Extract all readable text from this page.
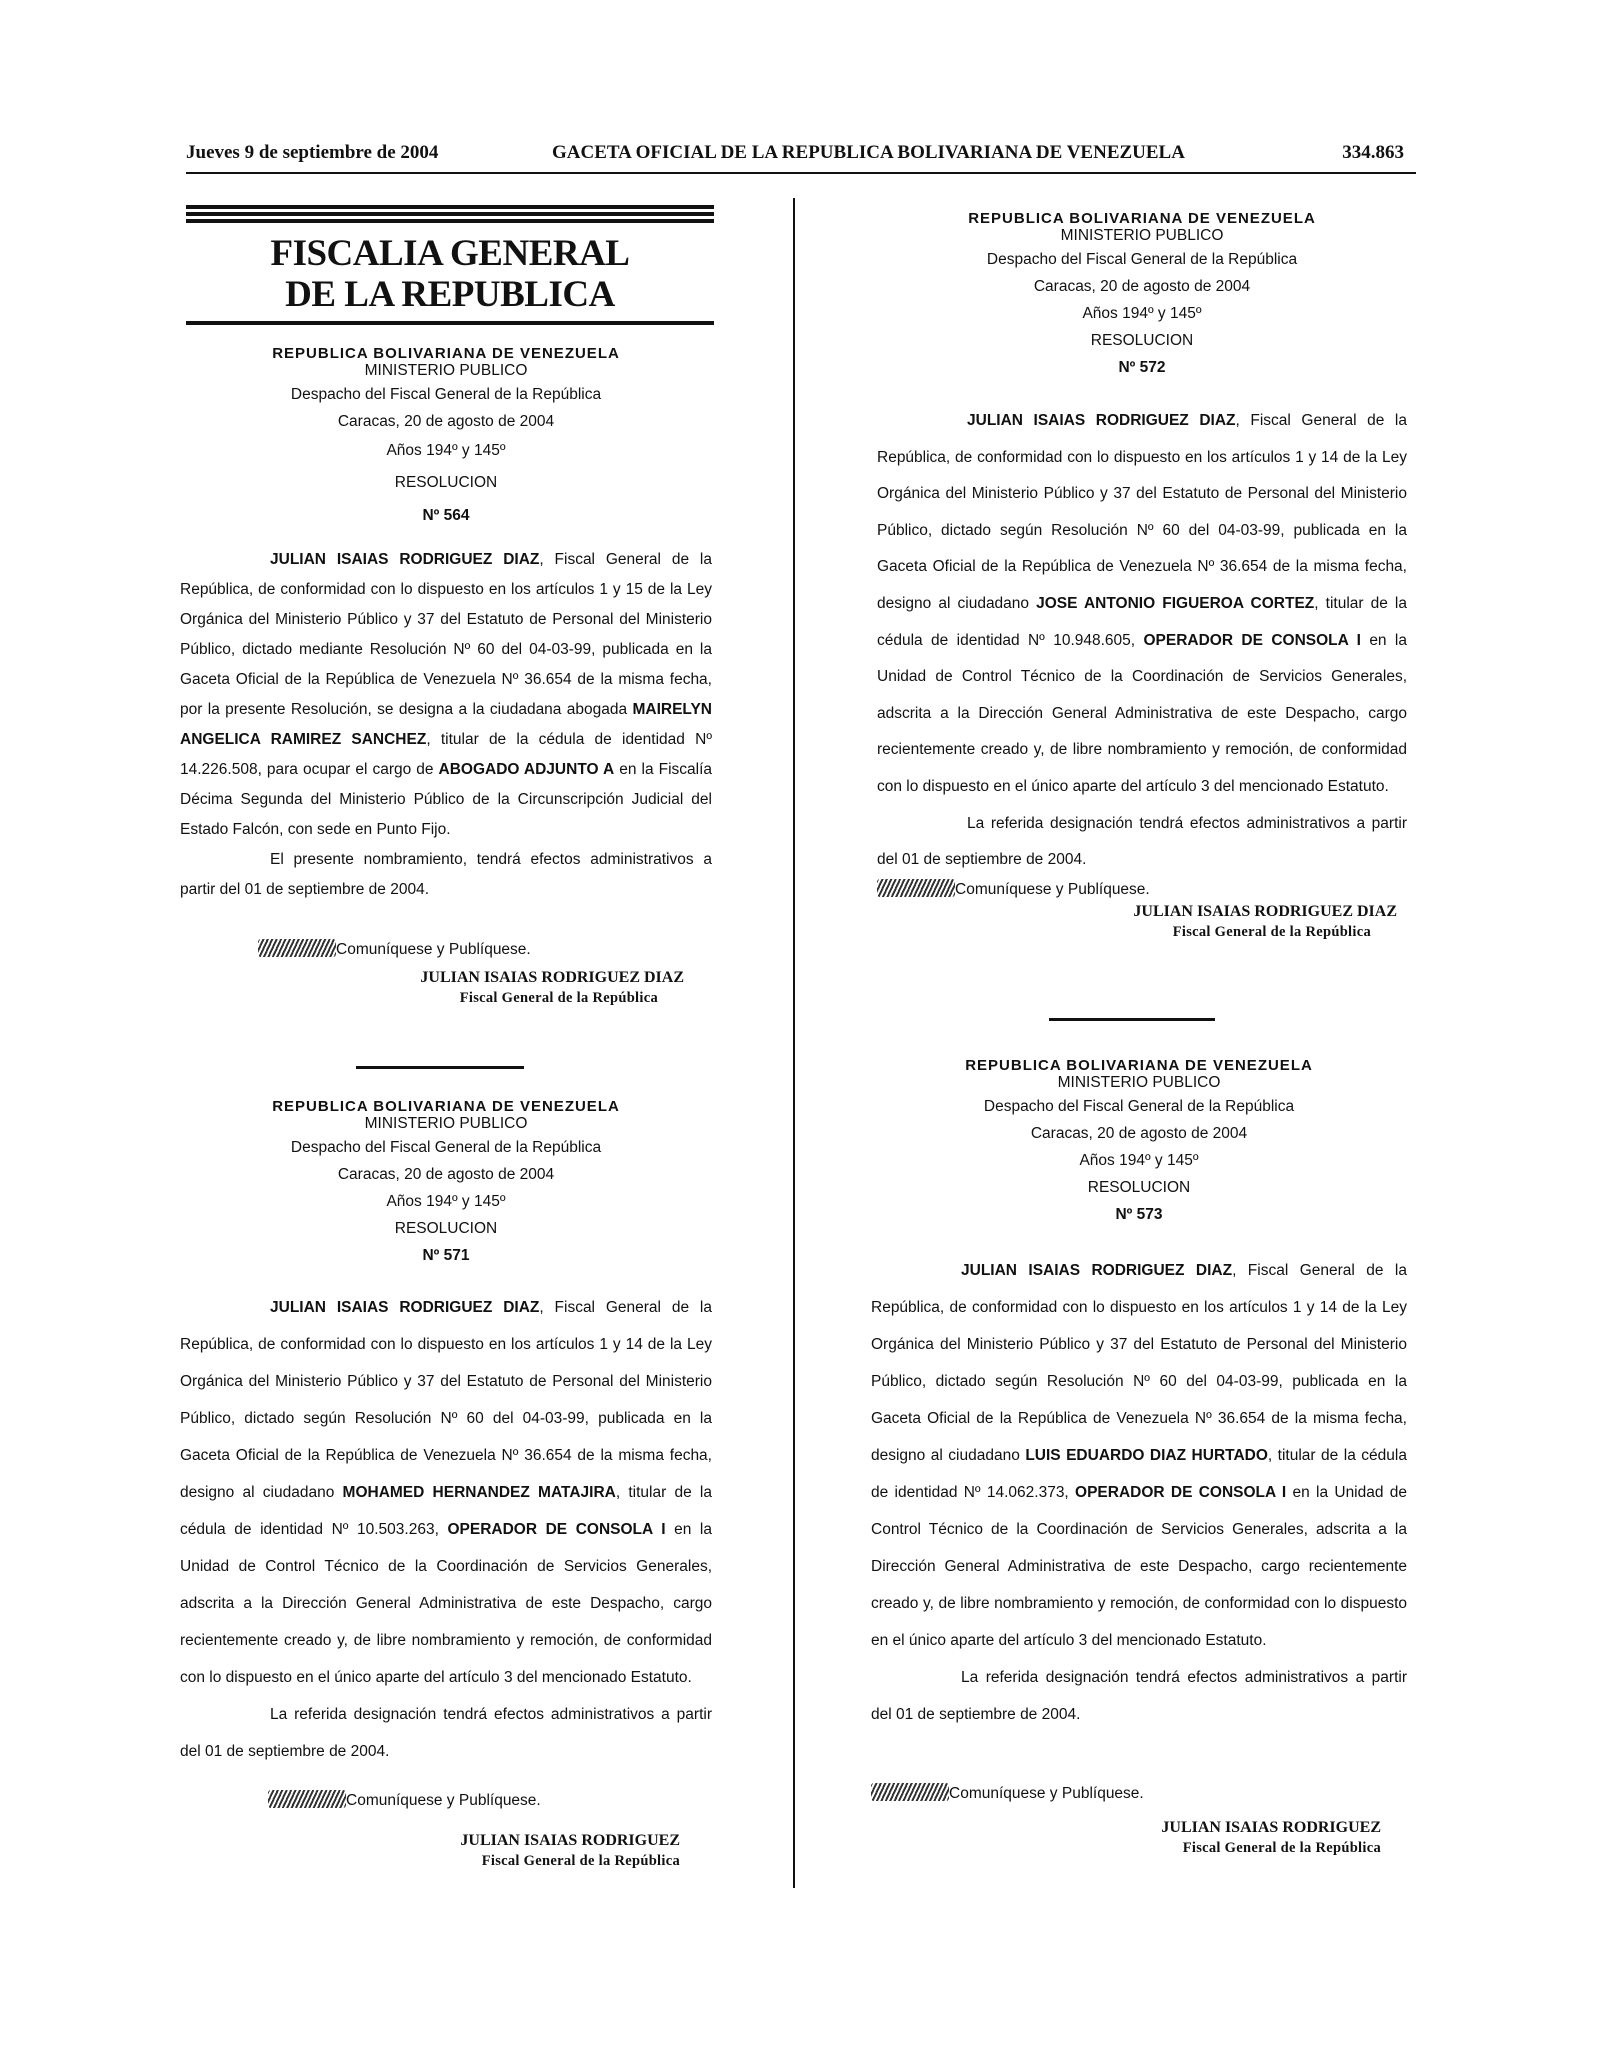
Jueves 9 de septiembre de 2004	GACETA OFICIAL DE LA REPUBLICA BOLIVARIANA DE VENEZUELA	334.863
FISCALIA GENERAL
DE LA REPUBLICA
REPUBLICA BOLIVARIANA DE VENEZUELA
MINISTERIO PUBLICO
Despacho del Fiscal General de la República
Caracas, 20 de agosto de 2004
Años 194º y 145º
RESOLUCION
Nº 564

JULIAN ISAIAS RODRIGUEZ DIAZ, Fiscal General de la República, de conformidad con lo dispuesto en los artículos 1 y 15 de la Ley Orgánica del Ministerio Público y 37 del Estatuto de Personal del Ministerio Público, dictado mediante Resolución Nº 60 del 04-03-99, publicada en la Gaceta Oficial de la República de Venezuela Nº 36.654 de la misma fecha, por la presente Resolución, se designa a la ciudadana abogada MAIRELYN ANGELICA RAMIREZ SANCHEZ, titular de la cédula de identidad Nº 14.226.508, para ocupar el cargo de ABOGADO ADJUNTO A en la Fiscalía Décima Segunda del Ministerio Público de la Circunscripción Judicial del Estado Falcón, con sede en Punto Fijo.

El presente nombramiento, tendrá efectos administrativos a partir del 01 de septiembre de 2004.

Comuníquese y Publíquese.
JULIAN ISAIAS RODRIGUEZ DIAZ
Fiscal General de la República
REPUBLICA BOLIVARIANA DE VENEZUELA
MINISTERIO PUBLICO
Despacho del Fiscal General de la República
Caracas, 20 de agosto de 2004
Años 194º y 145º
RESOLUCION
Nº 571

JULIAN ISAIAS RODRIGUEZ DIAZ, Fiscal General de la República, de conformidad con lo dispuesto en los artículos 1 y 14 de la Ley Orgánica del Ministerio Público y 37 del Estatuto de Personal del Ministerio Público, dictado según Resolución Nº 60 del 04-03-99, publicada en la Gaceta Oficial de la República de Venezuela Nº 36.654 de la misma fecha, designo al ciudadano MOHAMED HERNANDEZ MATAJIRA, titular de la cédula de identidad Nº 10.503.263, OPERADOR DE CONSOLA I en la Unidad de Control Técnico de la Coordinación de Servicios Generales, adscrita a la Dirección General Administrativa de este Despacho, cargo recientemente creado y, de libre nombramiento y remoción, de conformidad con lo dispuesto en el único aparte del artículo 3 del mencionado Estatuto.

La referida designación tendrá efectos administrativos a partir del 01 de septiembre de 2004.

Comuníquese y Publíquese.
JULIAN ISAIAS RODRIGUEZ
Fiscal General de la República
REPUBLICA BOLIVARIANA DE VENEZUELA
MINISTERIO PUBLICO
Despacho del Fiscal General de la República
Caracas, 20 de agosto de 2004
Años 194º y 145º
RESOLUCION
Nº 572

JULIAN ISAIAS RODRIGUEZ DIAZ, Fiscal General de la República, de conformidad con lo dispuesto en los artículos 1 y 14 de la Ley Orgánica del Ministerio Público y 37 del Estatuto de Personal del Ministerio Público, dictado según Resolución Nº 60 del 04-03-99, publicada en la Gaceta Oficial de la República de Venezuela Nº 36.654 de la misma fecha, designo al ciudadano JOSE ANTONIO FIGUEROA CORTEZ, titular de la cédula de identidad Nº 10.948.605, OPERADOR DE CONSOLA I en la Unidad de Control Técnico de la Coordinación de Servicios Generales, adscrita a la Dirección General Administrativa de este Despacho, cargo recientemente creado y, de libre nombramiento y remoción, de conformidad con lo dispuesto en el único aparte del artículo 3 del mencionado Estatuto.

La referida designación tendrá efectos administrativos a partir del 01 de septiembre de 2004.

Comuníquese y Publíquese.
JULIAN ISAIAS RODRIGUEZ DIAZ
Fiscal General de la República
REPUBLICA BOLIVARIANA DE VENEZUELA
MINISTERIO PUBLICO
Despacho del Fiscal General de la República
Caracas, 20 de agosto de 2004
Años 194º y 145º
RESOLUCION
Nº 573

JULIAN ISAIAS RODRIGUEZ DIAZ, Fiscal General de la República, de conformidad con lo dispuesto en los artículos 1 y 14 de la Ley Orgánica del Ministerio Público y 37 del Estatuto de Personal del Ministerio Público, dictado según Resolución Nº 60 del 04-03-99, publicada en la Gaceta Oficial de la República de Venezuela Nº 36.654 de la misma fecha, designo al ciudadano LUIS EDUARDO DIAZ HURTADO, titular de la cédula de identidad Nº 14.062.373, OPERADOR DE CONSOLA I en la Unidad de Control Técnico de la Coordinación de Servicios Generales, adscrita a la Dirección General Administrativa de este Despacho, cargo recientemente creado y, de libre nombramiento y remoción, de conformidad con lo dispuesto en el único aparte del artículo 3 del mencionado Estatuto.

La referida designación tendrá efectos administrativos a partir del 01 de septiembre de 2004.

Comuníquese y Publíquese.
JULIAN ISAIAS RODRIGUEZ
Fiscal General de la República
